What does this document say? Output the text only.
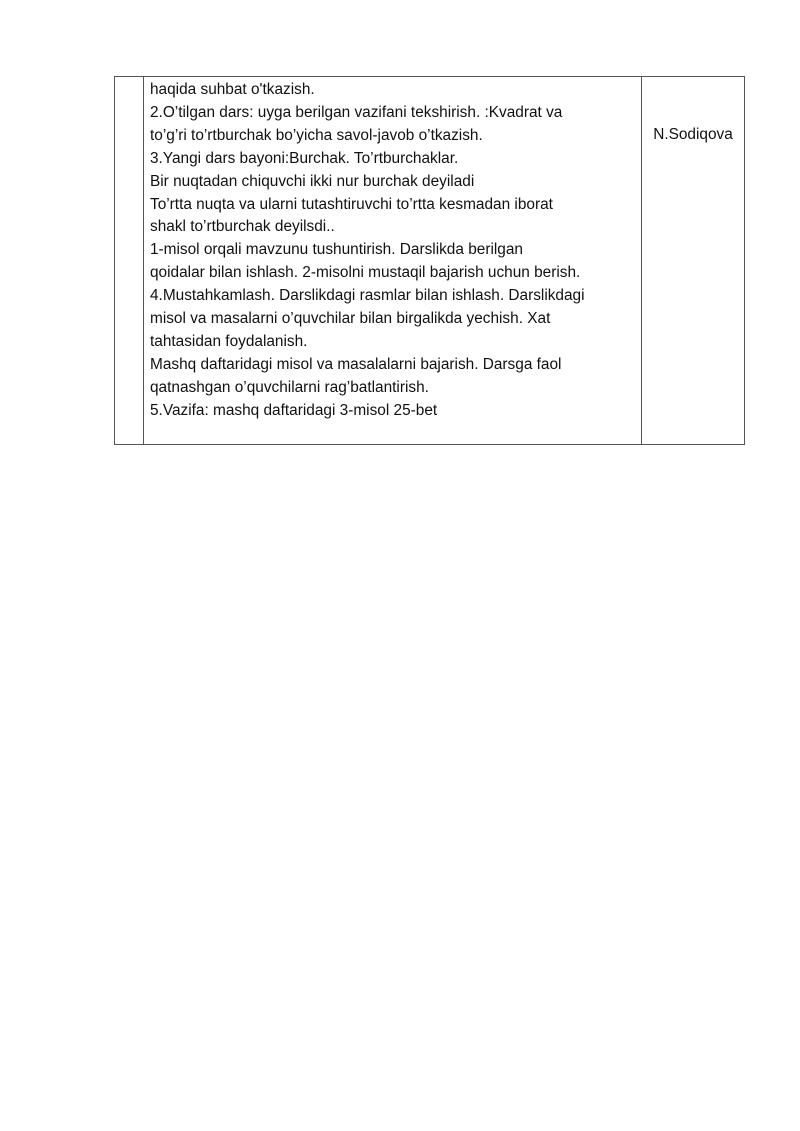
haqida suhbat o'tkazish.
2.O’tilgan dars: uyga berilgan vazifani tekshirish. :Kvadrat va
to’g’ri to’rtburchak bo’yicha savol-javob o’tkazish.
3.Yangi dars bayoni:Burchak. To’rtburchaklar.
Bir nuqtadan chiquvchi ikki nur burchak deyiladi
To’rtta nuqta va ularni tutashtiruvchi to’rtta kesmadan iborat
shakl to’rtburchak deyilsdi..
1-misol orqali mavzunu tushuntirish. Darslikda berilgan
qoidalar bilan ishlash. 2-misolni mustaqil bajarish uchun berish.
4.Mustahkamlash. Darslikdagi rasmlar bilan ishlash. Darslikdagi
misol va masalarni o’quvchilar bilan birgalikda yechish. Xat
tahtasidan foydalanish.
Mashq daftaridagi misol va masalalarni bajarish. Darsga faol
qatnashgan o’quvchilarni rag’batlantirish.
5.Vazifa: mashq daftaridagi 3-misol 25-bet

N.Sodiqova
